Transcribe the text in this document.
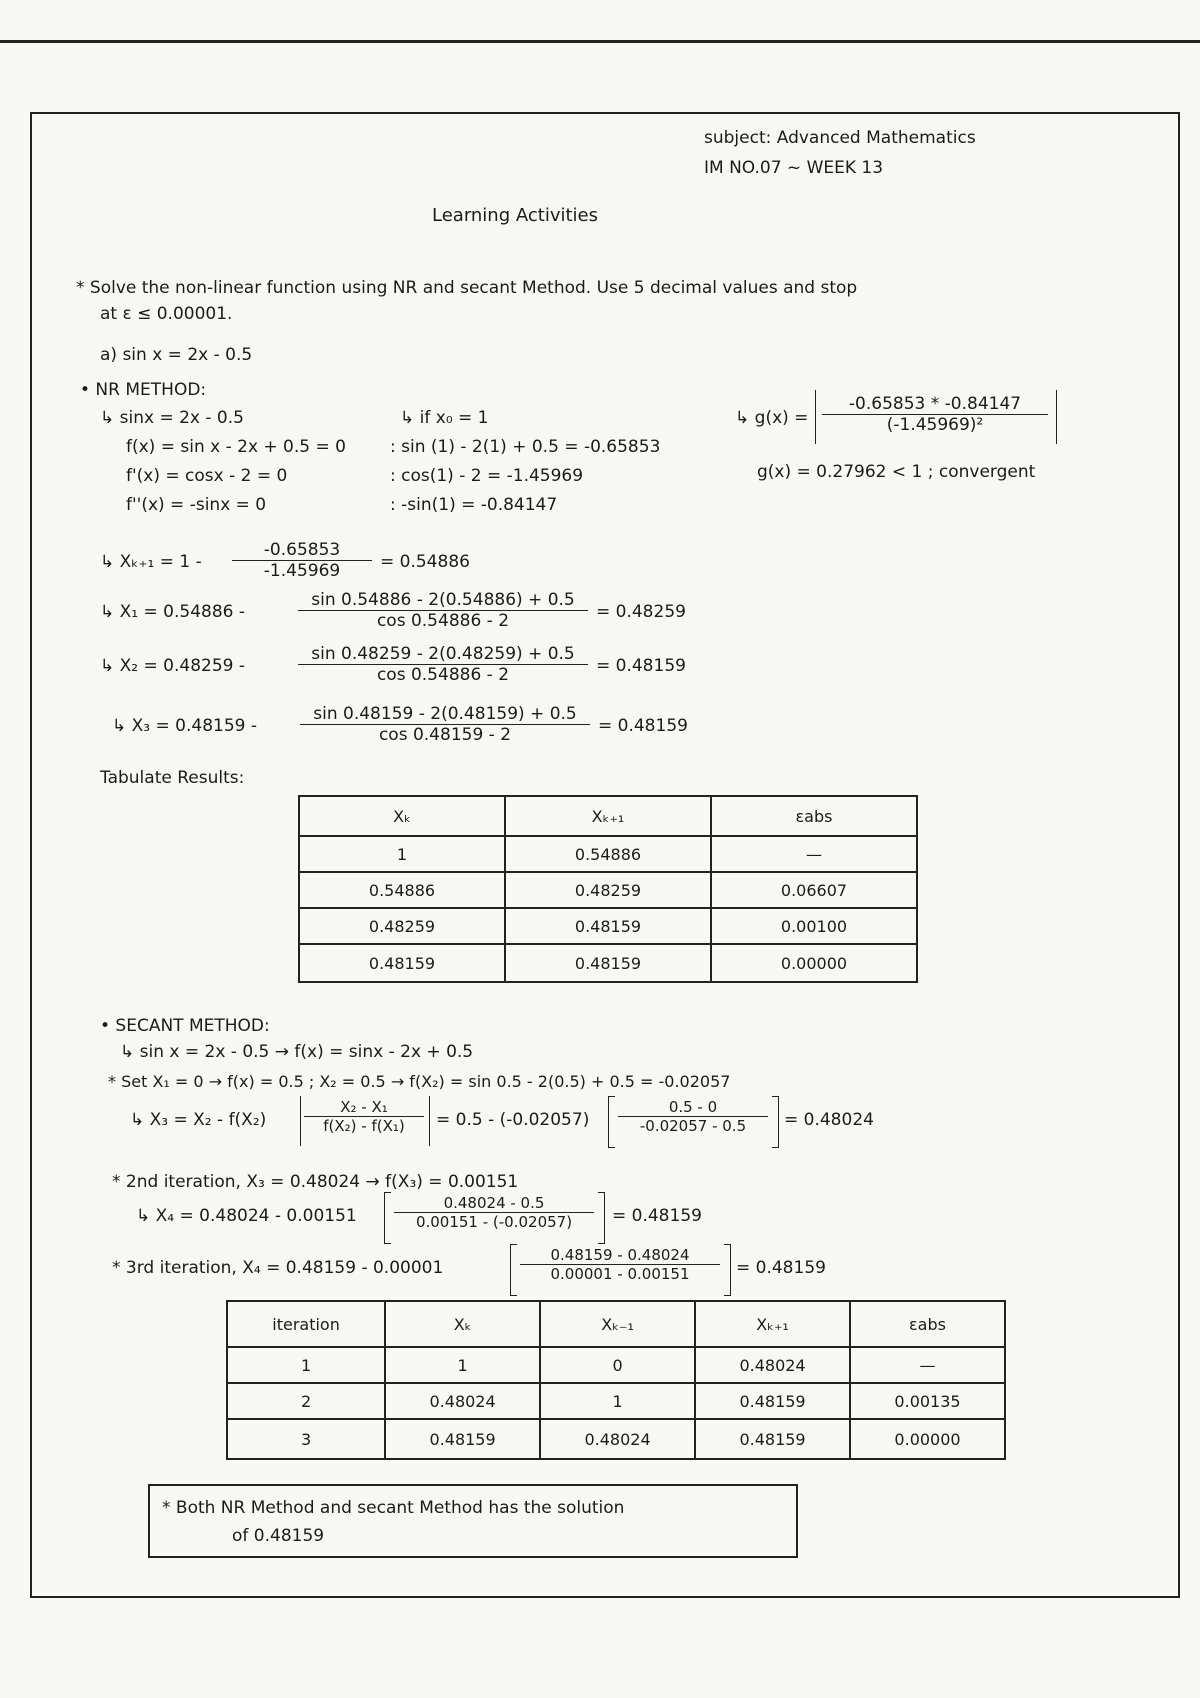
subject: Advanced Mathematics
IM NO.07 ~ WEEK 13
Learning Activities
* Solve the non-linear function using NR and secant Method. Use 5 decimal values and stop
at ε ≤ 0.00001.
a) sin x = 2x - 0.5
• NR METHOD:
↳ sinx = 2x - 0.5
f(x) = sin x - 2x + 0.5 = 0
f'(x) = cosx - 2 = 0
f''(x) = -sinx = 0
↳ if x₀ = 1
: sin (1) - 2(1) + 0.5 = -0.65853
: cos(1) - 2 = -1.45969
: -sin(1) = -0.84147
↳ $g(x) = \frac{-0.65853 * -0.84147}{\text{(-1.45969)²}}$
g(x) = 0.27962 < 1 ; convergent
↳ $X_{k+1} = 1 - \frac{-0.65853}{-1.45969} = 0.54886$
↳ X₁ = 0.54886 -	$\frac{\sin 0.54886 - 2(0.54886) + 0.5}{\cos 0.54886 - 2} = 0.48259$
↳ X₂ = 0.48259 -	$\frac{\sin 0.48259 - 2(0.48259) + 0.5}{\cos 0.54886 - 2} = 0.48159$
↳ X₃ = 0.48159 -	$\frac{\sin 0.48159 - 2(0.48159) + 0.5}{\cos 0.48159 - 2} = 0.48159$
Tabulate Results:
Xₖ	Xₖ₊₁	εabs
1	0.54886	—
0.54886	0.48259	0.06607
0.48259	0.48159	0.00100
0.48159	0.48159	0.00000
• SECANT METHOD:
↳ sin x = 2x - 0.5 → f(x) = sinx - 2x + 0.5
* Set X₁ = 0 → f(x) = 0.5 ; X₂ = 0.5 → f(X₂) = sin 0.5 - 2(0.5) + 0.5 = -0.02057
↳ X₃ = X₂ - f(X₂)	$\frac{\text{X₂ - X₁}}{\text{f(X₂) - f(X₁)}} = 0.5 - (-0.02057) \frac{0.5 - 0}{-0.02057 - 0.5} = 0.48024$
* 2nd iteration, X₃ = 0.48024 → f(X₃) = 0.00151
↳ $X_4 = 0.48024 - 0.00151 \frac{0.48024 - 0.5}{0.00151 - (-0.02057)} = 0.48159$
* 3rd iteration, X₄ = 0.48159 - 0.00001	$\frac{0.48159 - 0.48024}{0.00001 - 0.00151} = 0.48159$
iteration	Xₖ	Xₖ₋₁	Xₖ₊₁	εabs
1	1	0	0.48024	—
2	0.48024	1	0.48159	0.00135
3	0.48159	0.48024	0.48159	0.00000
* Both NR Method and secant Method has the solution
of 0.48159
